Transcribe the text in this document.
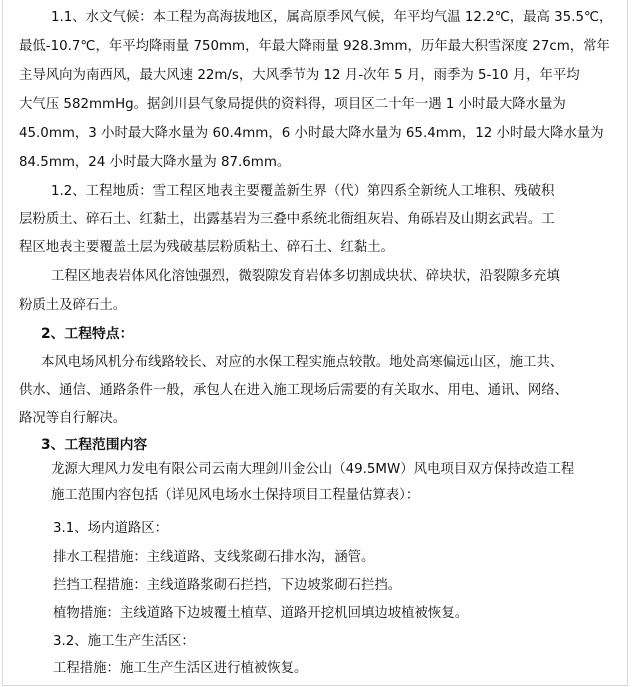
1.1、水文气候：本工程为高海拔地区，属高原季风气候，年平均气温 12.2℃，最高 35.5℃，
最低-10.7℃，年平均降雨量 750mm，年最大降雨量 928.3mm，历年最大积雪深度 27cm，常年
主导风向为南西风，最大风速 22m/s，大风季节为 12 月-次年 5 月，雨季为 5-10 月，年平均
大气压 582mmHg。据剑川县气象局提供的资料得，项目区二十年一遇 1 小时最大降水量为
45.0mm，3 小时最大降水量为 60.4mm，6 小时最大降水量为 65.4mm，12 小时最大降水量为
84.5mm，24 小时最大降水量为 87.6mm。
1.2、工程地质：雪工程区地表主要覆盖新生界（代）第四系全新统人工堆积、残破积
层粉质土、碎石土、红黏土，出露基岩为三叠中系统北衙组灰岩、角砾岩及山期玄武岩。工
程区地表主要覆盖土层为残破基层粉质粘土、碎石土、红黏土。
工程区地表岩体风化溶蚀强烈，微裂隙发育岩体多切割成块状、碎块状，沿裂隙多充填
粉质土及碎石土。
2、工程特点：
本风电场风机分布线路较长、对应的水保工程实施点较散。地处高寒偏远山区，施工共、
供水、通信、通路条件一般，承包人在进入施工现场后需要的有关取水、用电、通讯、网络、
路况等自行解决。
3、工程范围内容
龙源大理风力发电有限公司云南大理剑川金公山（49.5MW）风电项目双方保持改造工程
施工范围内容包括（详见风电场水土保持项目工程量估算表）：
3.1、场内道路区：
排水工程措施：主线道路、支线浆砌石排水沟，涵管。
拦挡工程措施：主线道路浆砌石拦挡，下边坡浆砌石拦挡。
植物措施：主线道路下边坡覆土植草、道路开挖机回填边坡植被恢复。
3.2、施工生产生活区：
工程措施：施工生产生活区进行植被恢复。
